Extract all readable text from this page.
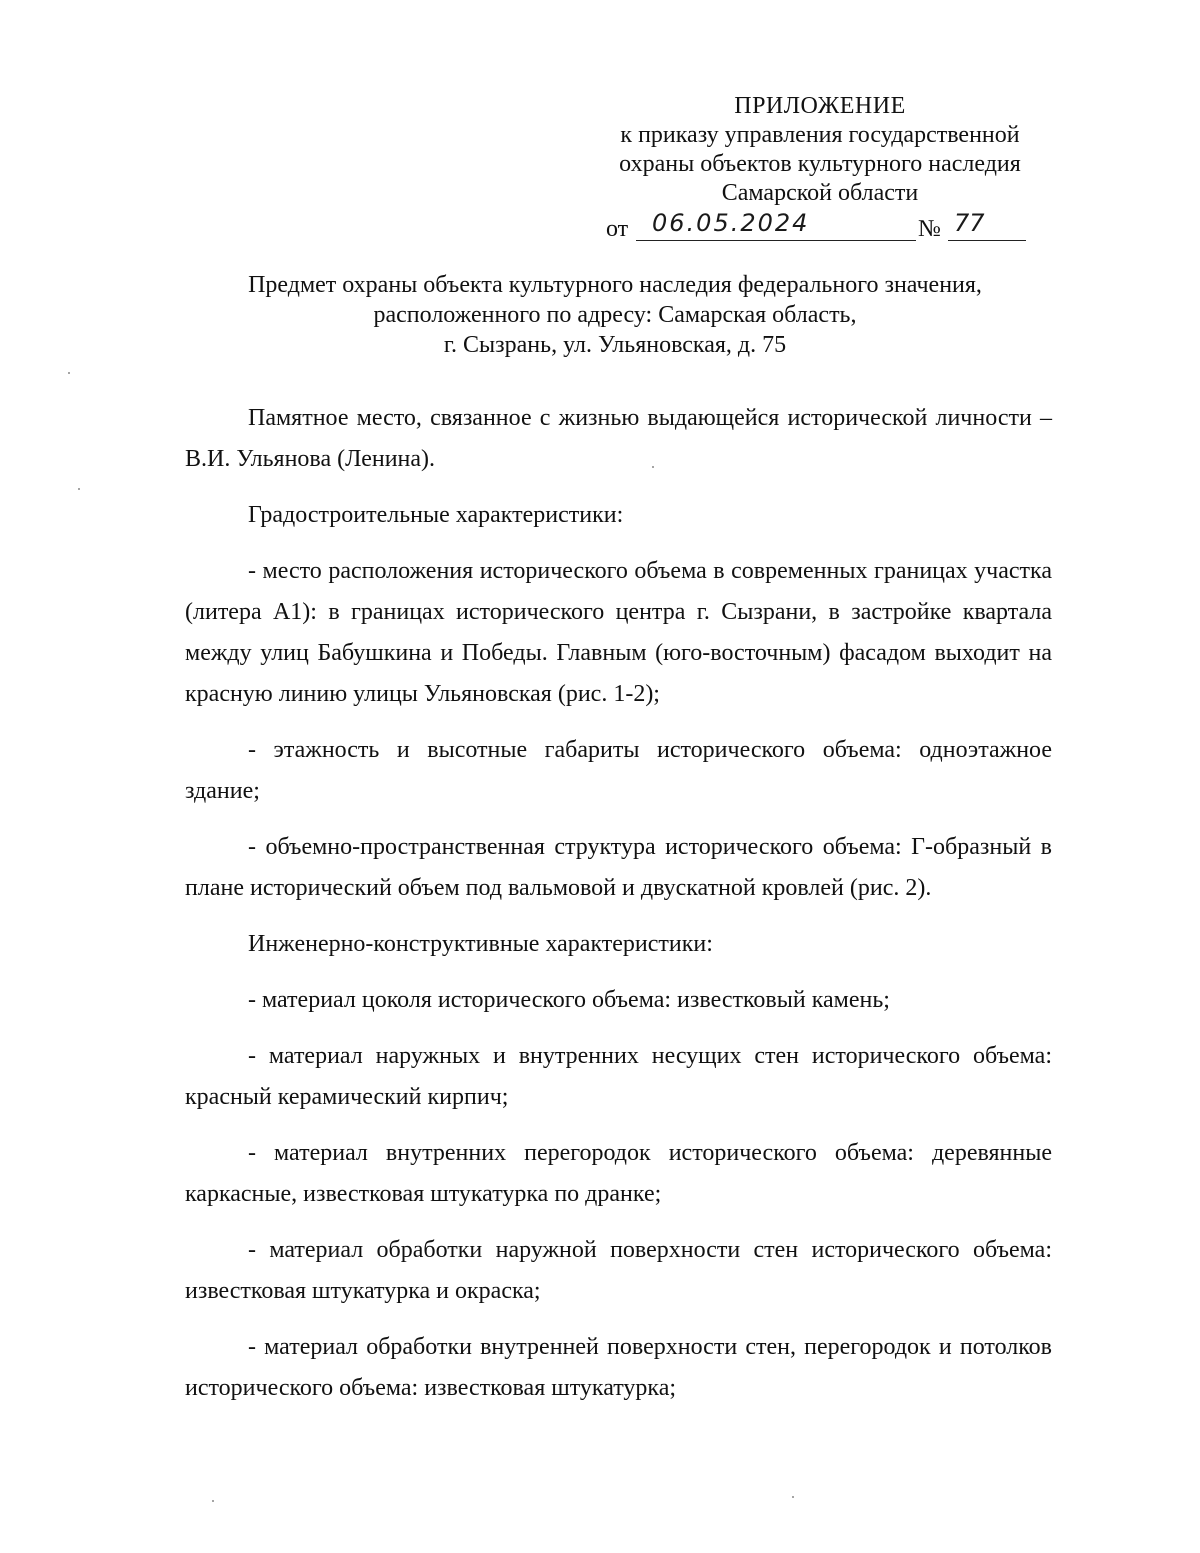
ПРИЛОЖЕНИЕ
к приказу управления государственной
охраны объектов культурного наследия
Самарской области
от 06.05.2024	№ 77
Предмет охраны объекта культурного наследия федерального значения,
расположенного по адресу: Самарская область,
г. Сызрань, ул. Ульяновская, д. 75

Памятное место, связанное с жизнью выдающейся исторической личности – В.И. Ульянова (Ленина).

Градостроительные характеристики:

- место расположения исторического объема в современных границах участка (литера А1): в границах исторического центра г. Сызрани, в застройке квартала между улиц Бабушкина и Победы. Главным (юго-восточным) фасадом выходит на красную линию улицы Ульяновская (рис. 1-2);

- этажность и высотные габариты исторического объема: одноэтажное здание;

- объемно-пространственная структура исторического объема: Г-образный в плане исторический объем под вальмовой и двускатной кровлей (рис. 2).

Инженерно-конструктивные характеристики:

- материал цоколя исторического объема: известковый камень;

- материал наружных и внутренних несущих стен исторического объема: красный керамический кирпич;

- материал внутренних перегородок исторического объема: деревянные каркасные, известковая штукатурка по дранке;

- материал обработки наружной поверхности стен исторического объема: известковая штукатурка и окраска;

- материал обработки внутренней поверхности стен, перегородок и потолков исторического объема: известковая штукатурка;
